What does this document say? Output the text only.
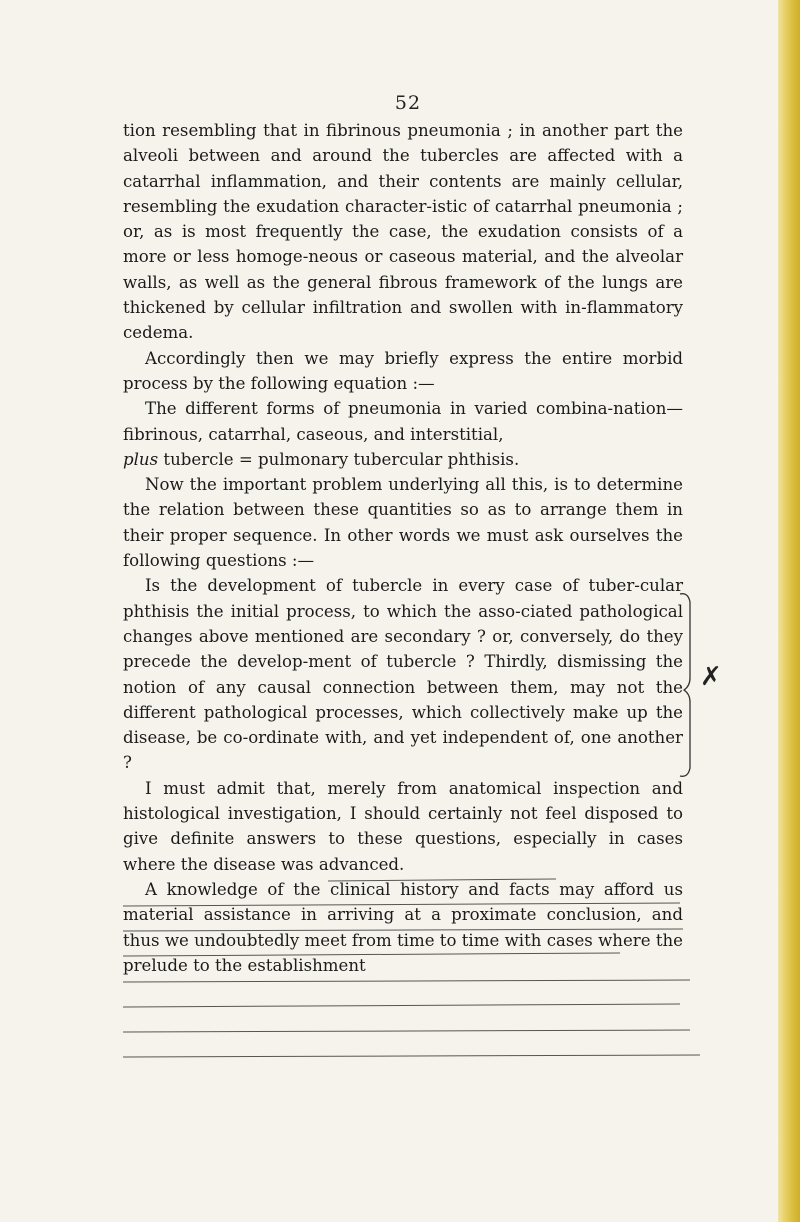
52

tion resembling that in fibrinous pneumonia ; in another part the alveoli between and around the tubercles are affected with a catarrhal inflammation, and their contents are mainly cellular, resembling the exudation character-istic of catarrhal pneumonia ; or, as is most frequently the case, the exudation consists of a more or less homoge-neous or caseous material, and the alveolar walls, as well as the general fibrous framework of the lungs are thickened by cellular infiltration and swollen with in-flammatory cedema.

Accordingly then we may briefly express the entire morbid process by the following equation :—

The different forms of pneumonia in varied combina-nation—fibrinous, catarrhal, caseous, and interstitial,

plus tubercle = pulmonary tubercular phthisis.

Now the important problem underlying all this, is to determine the relation between these quantities so as to arrange them in their proper sequence. In other words we must ask ourselves the following questions :—

Is the development of tubercle in every case of tuber-cular phthisis the initial process, to which the asso-ciated pathological changes above mentioned are secondary ? or, conversely, do they precede the develop-ment of tubercle ? Thirdly, dismissing the notion of any causal connection between them, may not the different pathological processes, which collectively make up the disease, be co-ordinate with, and yet independent of, one another ?

I must admit that, merely from anatomical inspection and histological investigation, I should certainly not feel disposed to give definite answers to these questions, especially in cases where the disease was advanced.

A knowledge of the clinical history and facts may afford us material assistance in arriving at a proximate conclusion, and thus we undoubtedly meet from time to time with cases where the prelude to the establishment

✗
